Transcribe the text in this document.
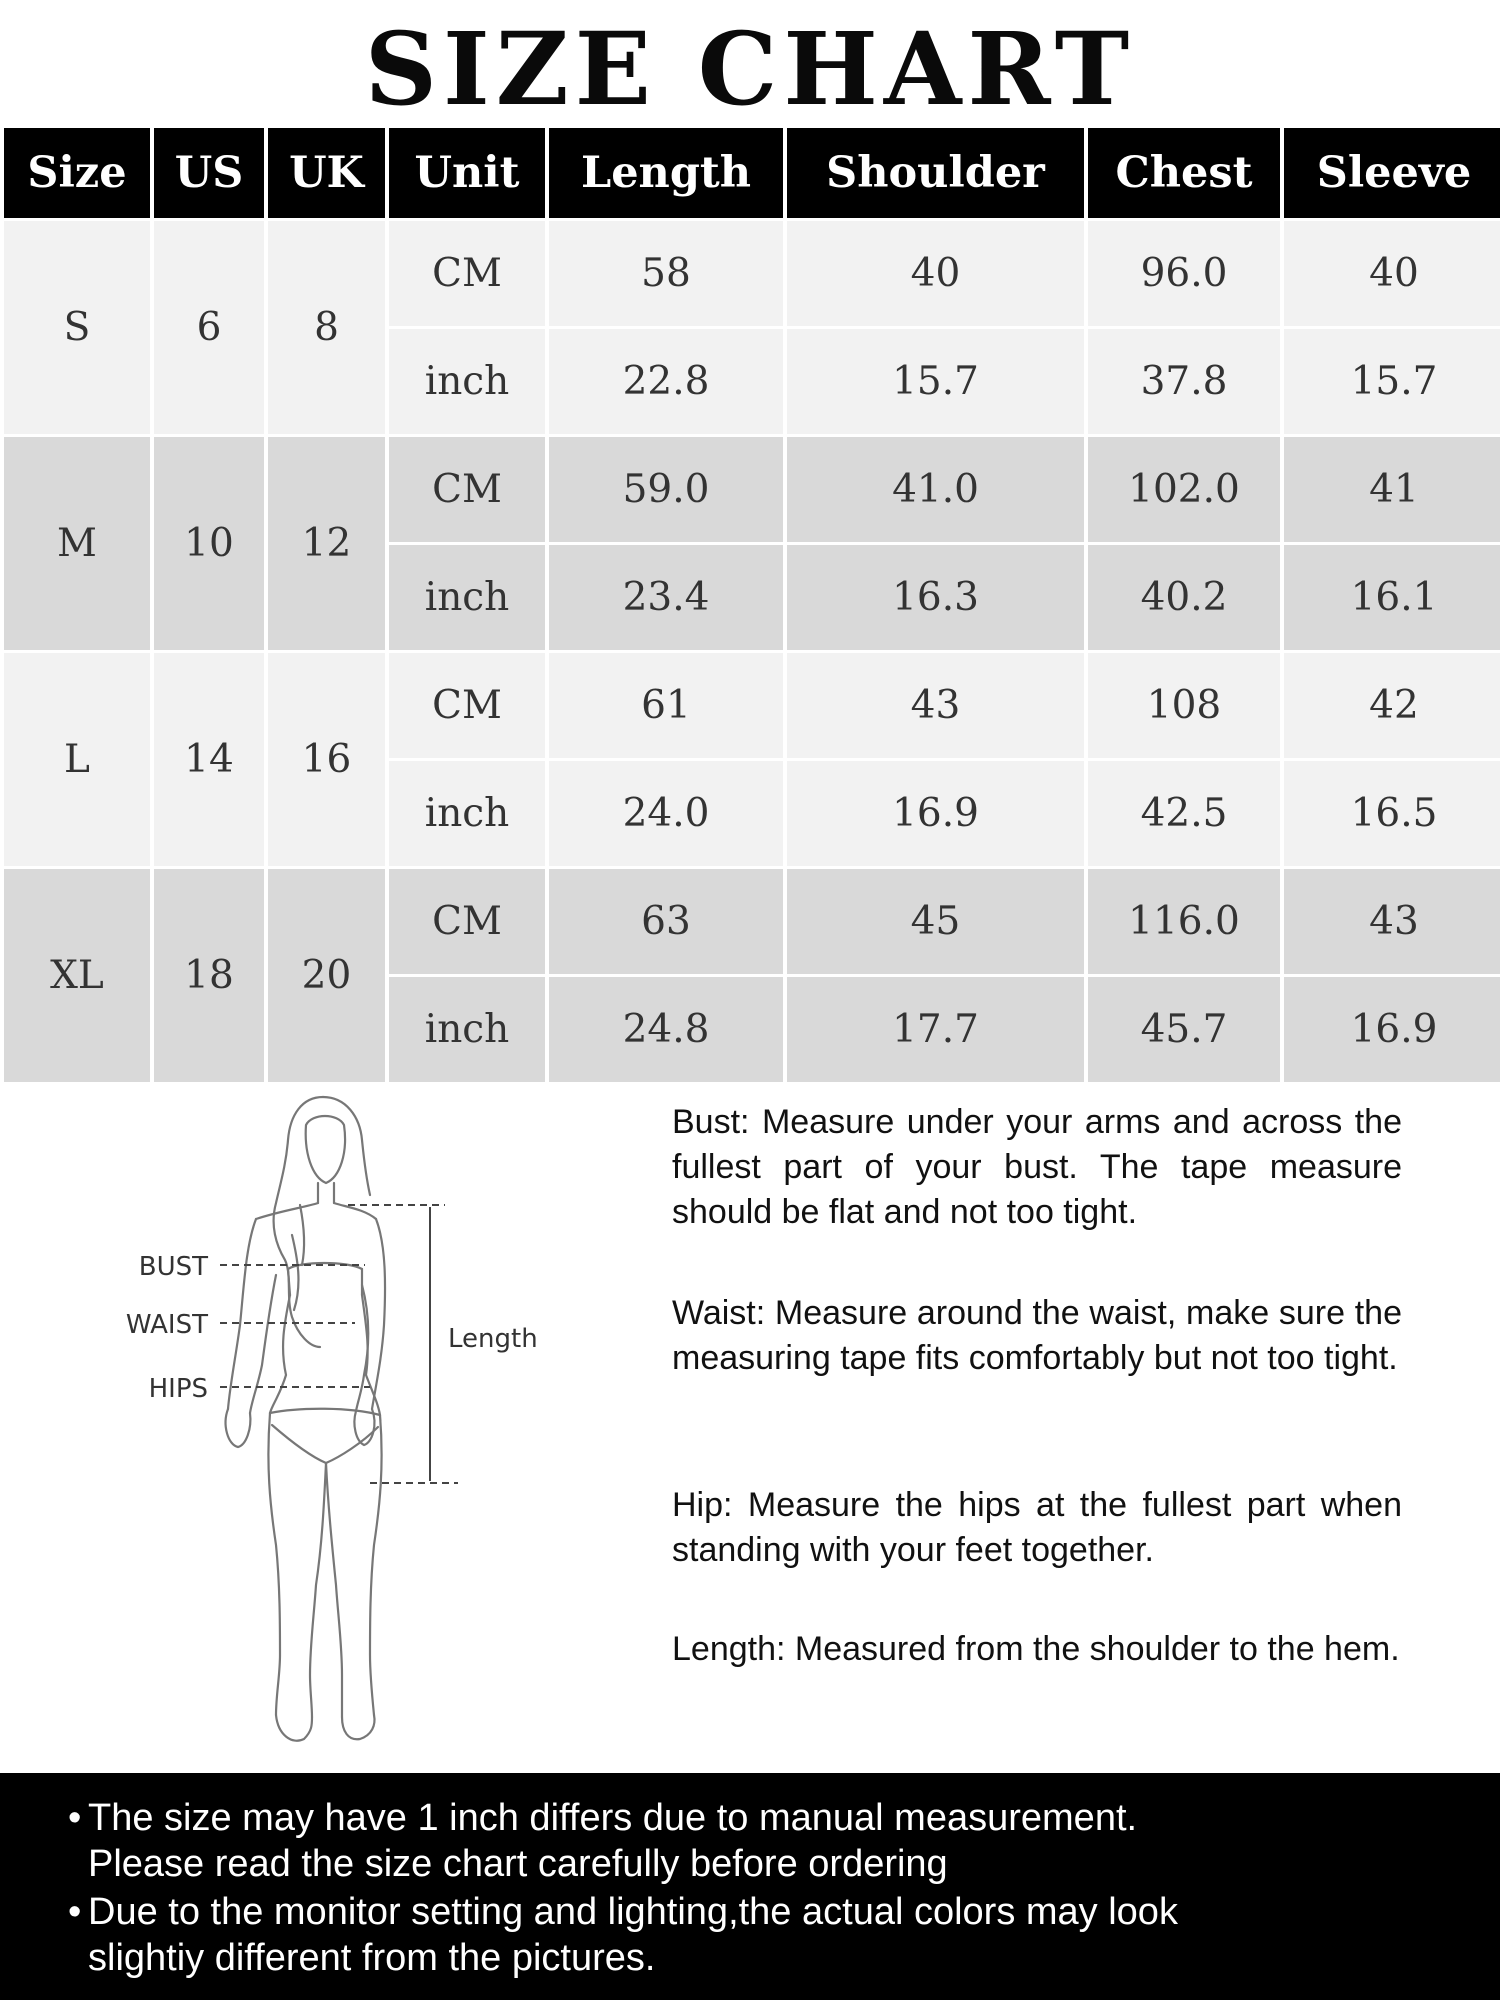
SIZE CHART
Size	US	UK	Unit	Length	Shoulder	Chest	Sleeve
S	6	8	CM	58	40	96.0	40
			inch	22.8	15.7	37.8	15.7
M	10	12	CM	59.0	41.0	102.0	41
			inch	23.4	16.3	40.2	16.1
L	14	16	CM	61	43	108	42
			inch	24.0	16.9	42.5	16.5
XL	18	20	CM	63	45	116.0	43
			inch	24.8	17.7	45.7	16.9
BUST
WAIST
HIPS
Length

Bust: Measure under your arms and across the fullest part of your bust. The tape measure should be flat and not too tight.

Waist: Measure around the waist, make sure the measuring tape fits comfortably but not too tight.

Hip: Measure the hips at the fullest part when standing with your feet together.

Length: Measured from the shoulder to the hem.

• The size may have 1 inch differs due to manual measurement.
Please read the size chart carefully before ordering
• Due to the monitor setting and lighting,the actual colors may look
slightiy different from the pictures.
